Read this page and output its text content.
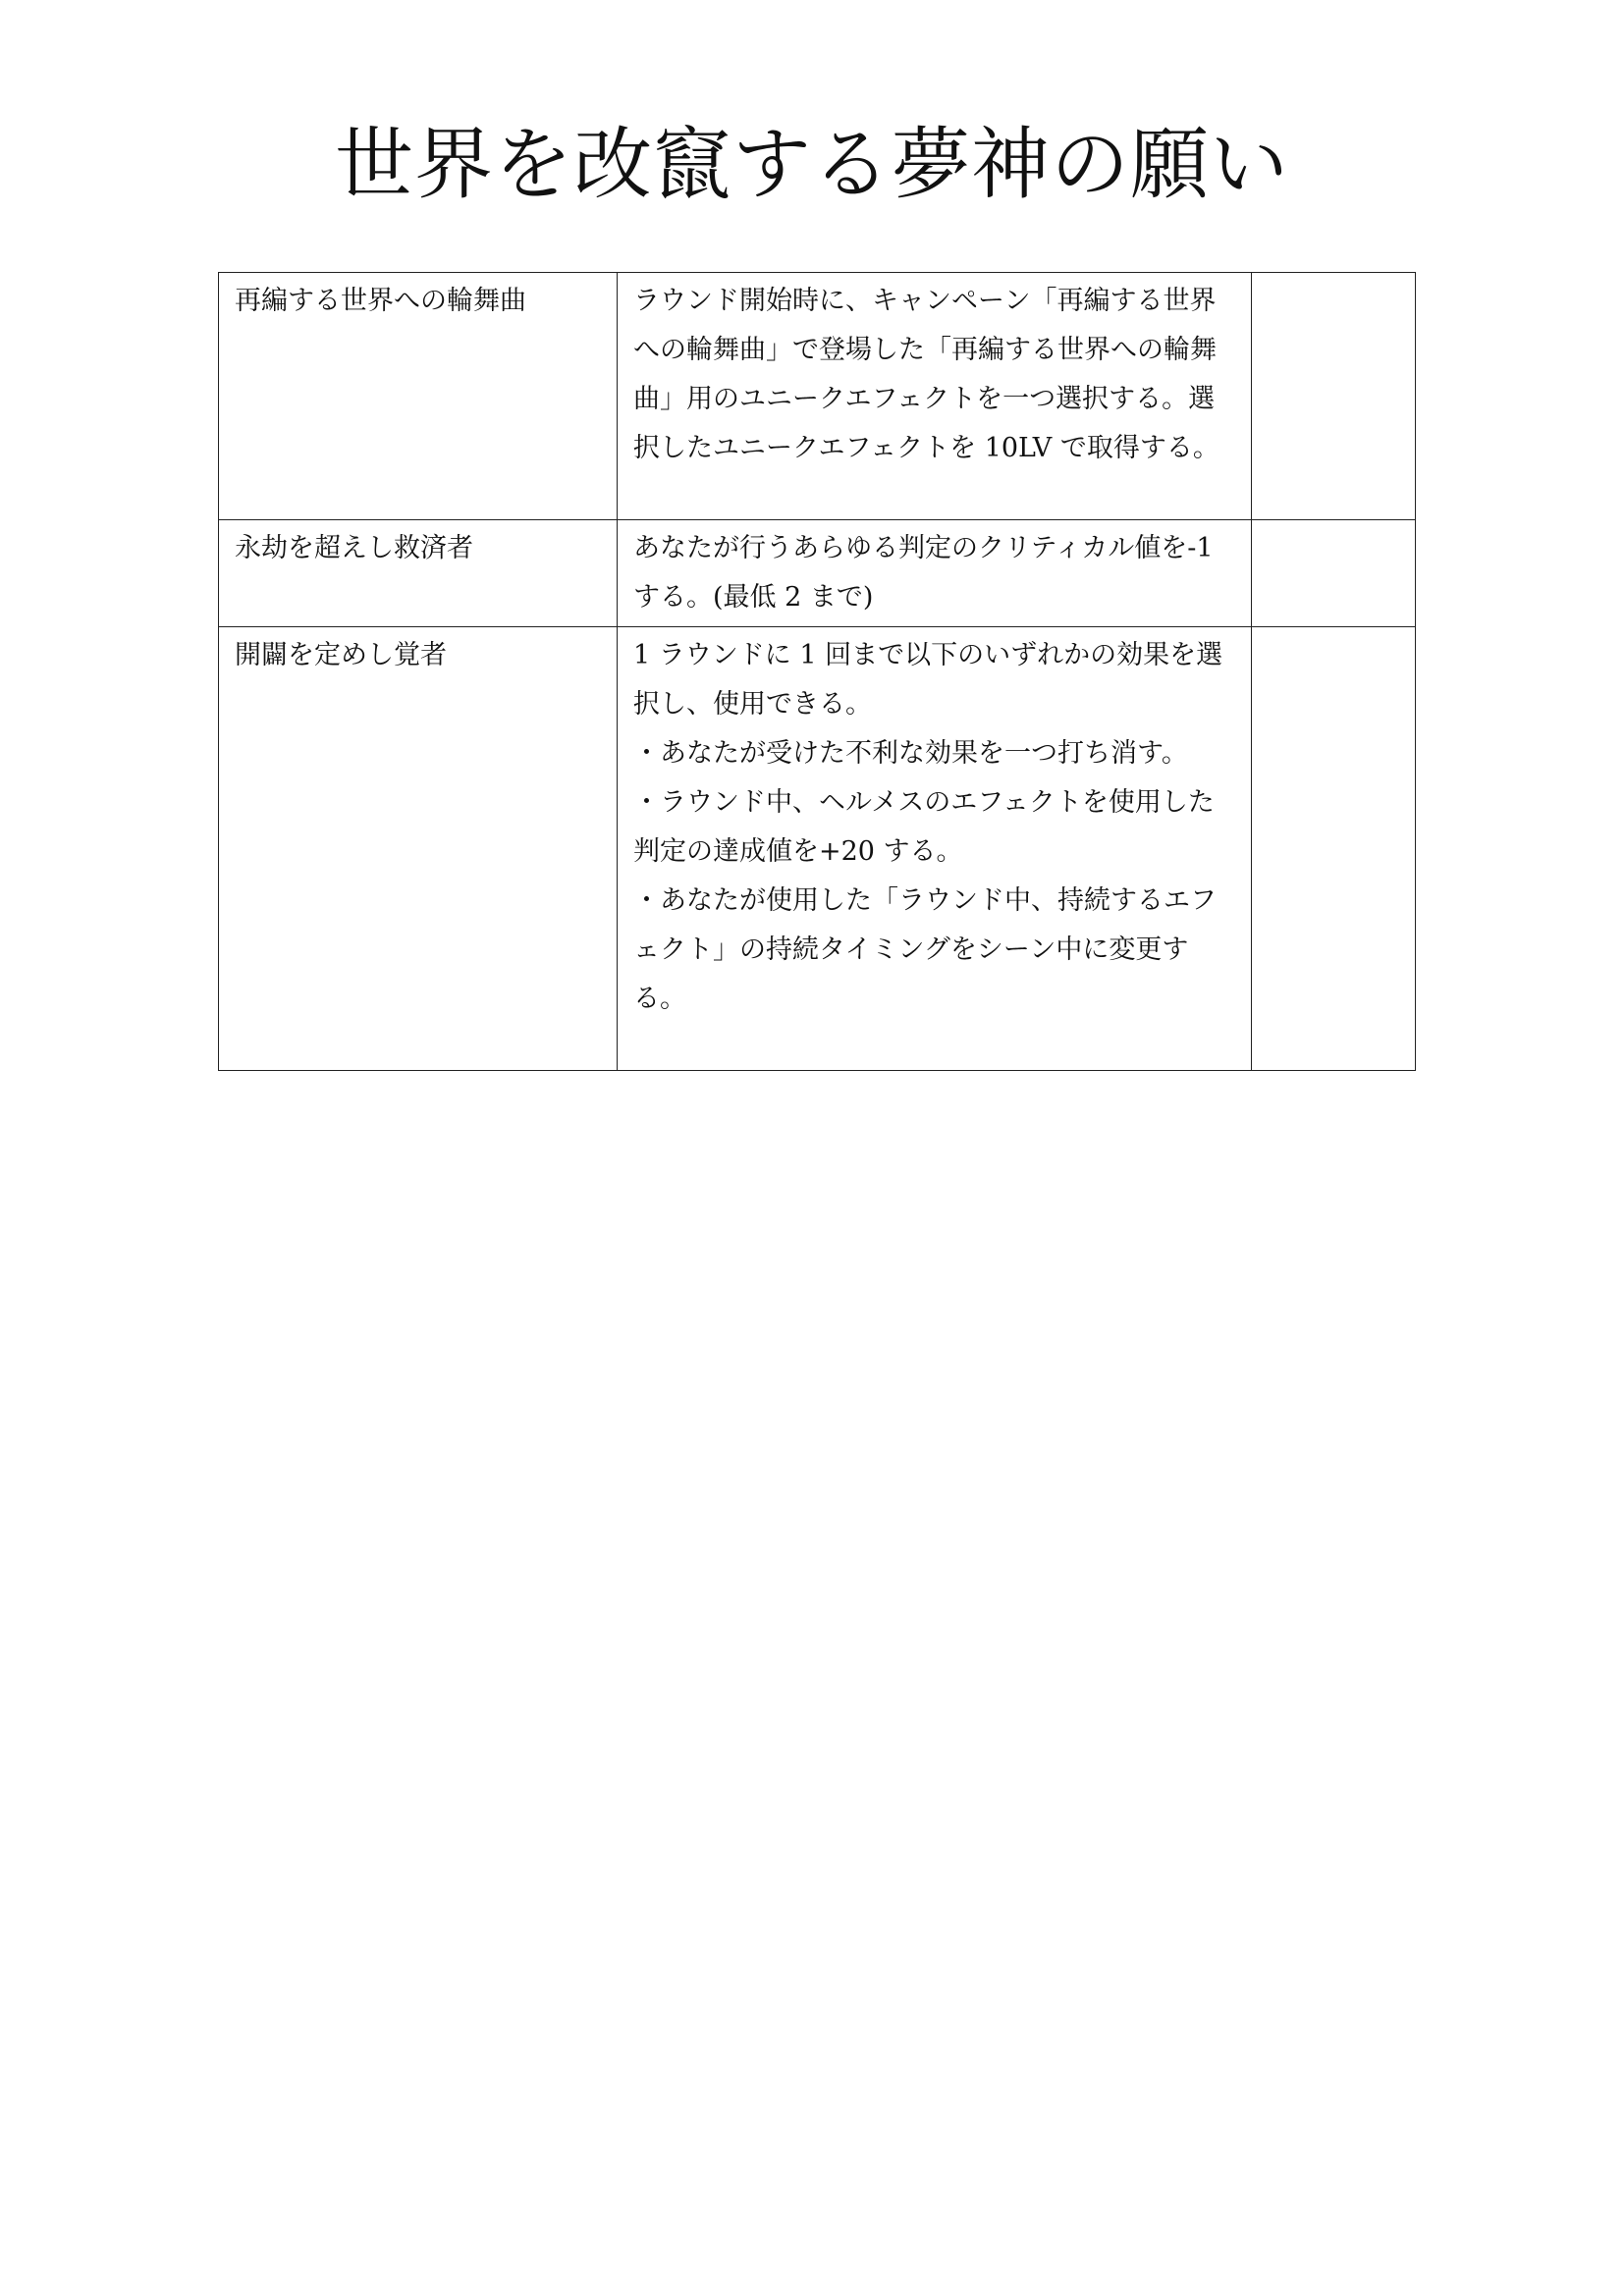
世界を改竄する夢神の願い
再編する世界への輪舞曲	ラウンド開始時に、キャンペーン「再編する世界への輪舞曲」で登場した「再編する世界への輪舞曲」用のユニークエフェクトを一つ選択する。選択したユニークエフェクトを 10LV で取得する。	
永劫を超えし救済者	あなたが行うあらゆる判定のクリティカル値を-1 する。(最低 2 まで)	
開闢を定めし覚者	1 ラウンドに 1 回まで以下のいずれかの効果を選択し、使用できる。
・あなたが受けた不利な効果を一つ打ち消す。
・ラウンド中、ヘルメスのエフェクトを使用した判定の達成値を+20 する。
・あなたが使用した「ラウンド中、持続するエフェクト」の持続タイミングをシーン中に変更する。	
